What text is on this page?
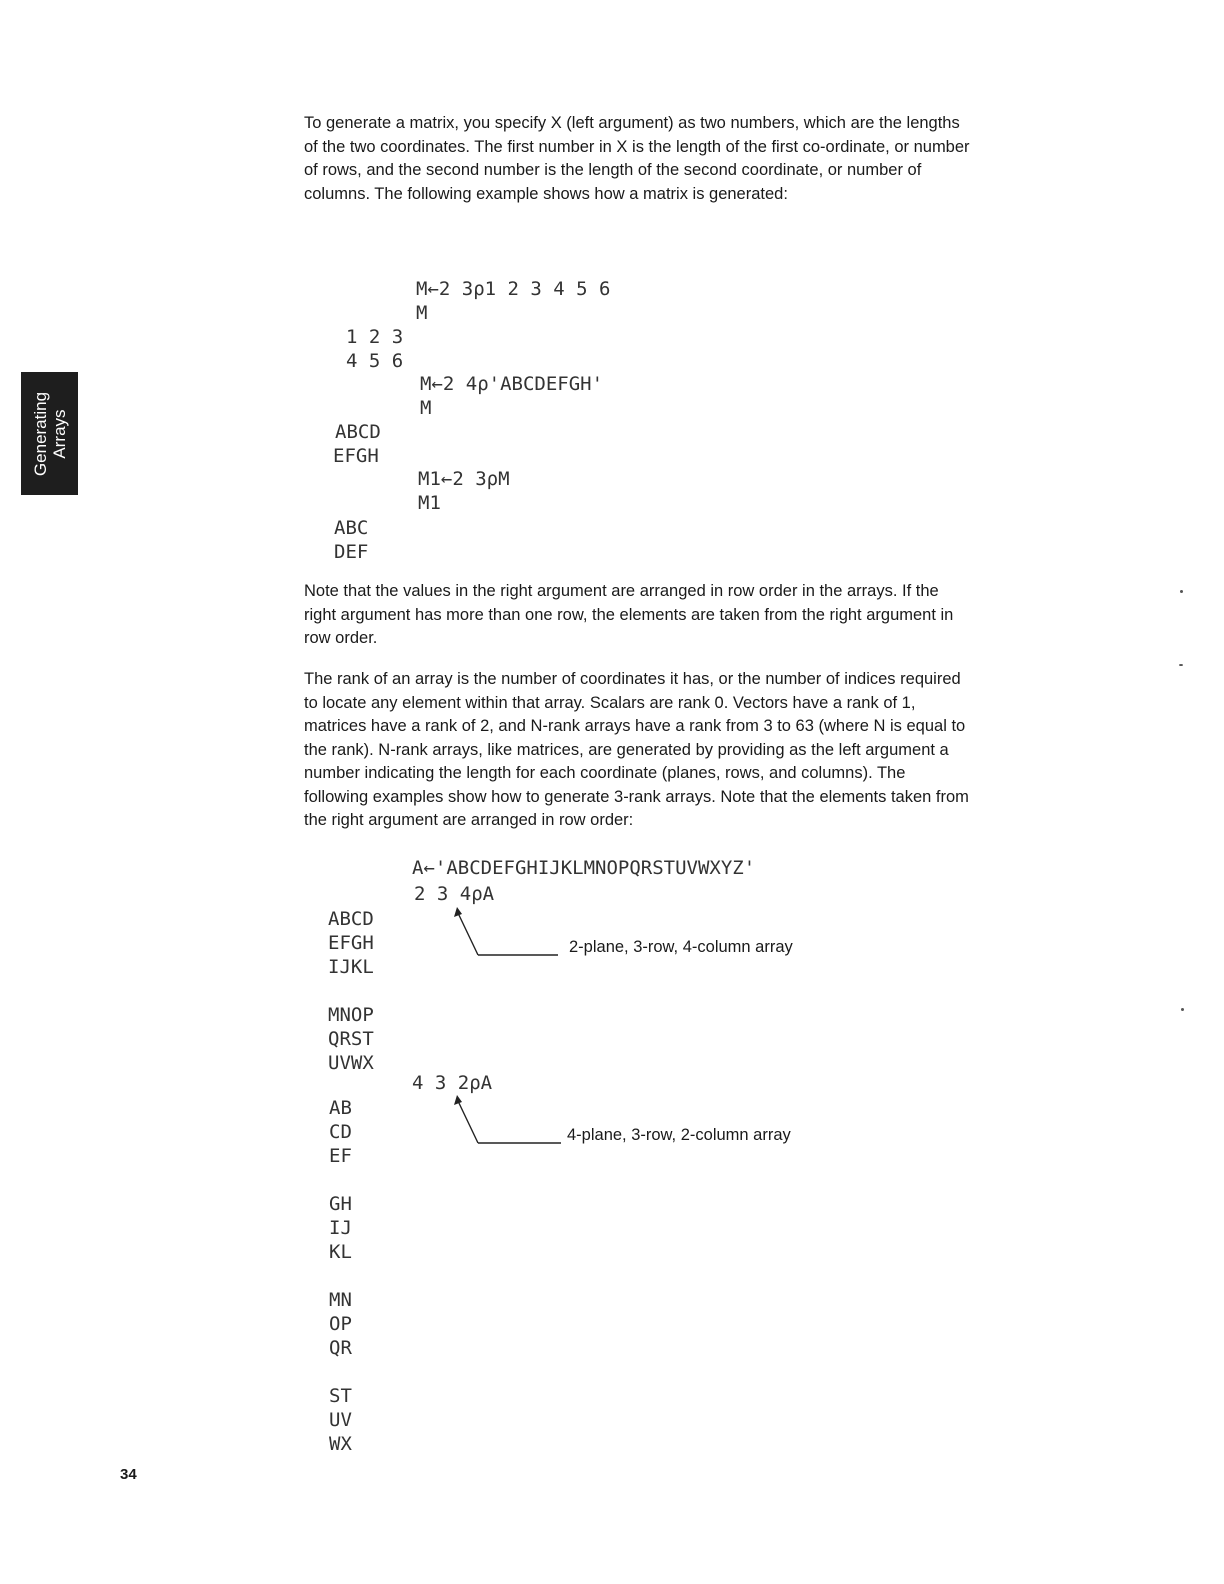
Generating Arrays

To generate a matrix, you specify X (left argument) as two numbers, which are the lengths of the two coordinates. The first number in X is the length of the first co-ordinate, or number of rows, and the second number is the length of the second coordinate, or number of columns. The following example shows how a matrix is generated:

M←2 3⍴1 2 3 4 5 6
M
1 2 3
4 5 6
M←2 4⍴'ABCDEFGH'
M
ABCD
EFGH
M1←2 3⍴M
M1
ABC
DEF

Note that the values in the right argument are arranged in row order in the arrays. If the right argument has more than one row, the elements are taken from the right argument in row order.

The rank of an array is the number of coordinates it has, or the number of indices required to locate any element within that array. Scalars are rank 0. Vectors have a rank of 1, matrices have a rank of 2, and N-rank arrays have a rank from 3 to 63 (where N is equal to the rank). N-rank arrays, like matrices, are generated by providing as the left argument a number indicating the length for each coordinate (planes, rows, and columns). The following examples show how to generate 3-rank arrays. Note that the elements taken from the right argument are arranged in row order:

A←'ABCDEFGHIJKLMNOPQRSTUVWXYZ'
2 3 4⍴A
ABCD
EFGH
IJKL

MNOP
QRST
UVWX
2-plane, 3-row, 4-column array
4 3 2⍴A
AB
CD
EF

GH
IJ
KL

MN
OP
QR

ST
UV
WX
4-plane, 3-row, 2-column array
34
